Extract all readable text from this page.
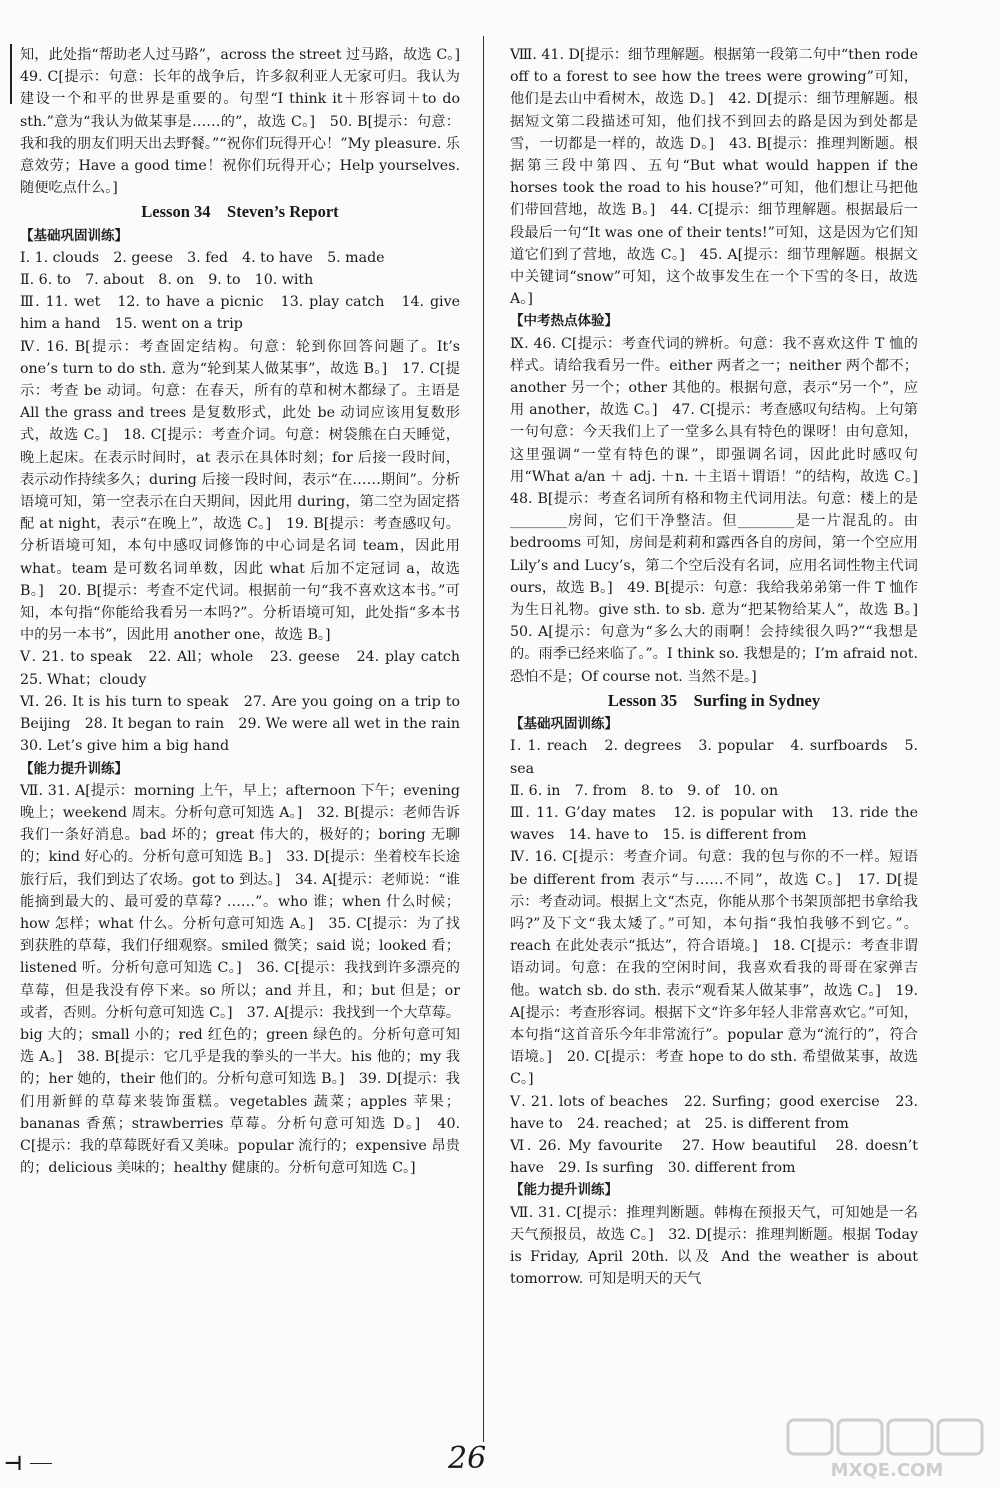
知，此处指“帮助老人过马路”，across the street 过马路，故选 C。]　49. C[提示：句意：长年的战争后，许多叙利亚人无家可归。我认为建设一个和平的世界是重要的。句型“I think it＋形容词＋to do sth.”意为“我认为做某事是……的”，故选 C。]　50. B[提示：句意：我和我的朋友们明天出去野餐。”“祝你们玩得开心！”My pleasure. 乐意效劳；Have a good time！祝你们玩得开心；Help yourselves. 随便吃点什么。]
Lesson 34　Steven’s Report
【基础巩固训练】
Ⅰ. 1. clouds　2. geese　3. fed　4. to have　5. made
Ⅱ. 6. to　7. about　8. on　9. to　10. with
Ⅲ. 11. wet　12. to have a picnic　13. play catch　14. give him a hand　15. went on a trip
Ⅳ. 16. B[提示：考查固定结构。句意：轮到你回答问题了。It’s one’s turn to do sth. 意为“轮到某人做某事”，故选 B。]　17. C[提示：考查 be 动词。句意：在春天，所有的草和树木都绿了。主语是 All the grass and trees 是复数形式，此处 be 动词应该用复数形式，故选 C。]　18. C[提示：考查介词。句意：树袋熊在白天睡觉，晚上起床。在表示时间时，at 表示在具体时刻；for 后接一段时间，表示动作持续多久；during 后接一段时间，表示“在……期间”。分析语境可知，第一空表示在白天期间，因此用 during，第二空为固定搭配 at night，表示“在晚上”，故选 C。]　19. B[提示：考查感叹句。分析语境可知，本句中感叹词修饰的中心词是名词 team，因此用 what。team 是可数名词单数，因此 what 后加不定冠词 a，故选 B。]　20. B[提示：考查不定代词。根据前一句“我不喜欢这本书。”可知，本句指“你能给我看另一本吗?”。分析语境可知，此处指“多本书中的另一本书”，因此用 another one，故选 B。]
Ⅴ. 21. to speak　22. All；whole　23. geese　24. play catch　25. What；cloudy
Ⅵ. 26. It is his turn to speak　27. Are you going on a trip to Beijing　28. It began to rain　29. We were all wet in the rain　30. Let’s give him a big hand
【能力提升训练】
Ⅶ. 31. A[提示：morning 上午，早上；afternoon 下午；evening 晚上；weekend 周末。分析句意可知选 A。]　32. B[提示：老师告诉我们一条好消息。bad 坏的；great 伟大的，极好的；boring 无聊的；kind 好心的。分析句意可知选 B。]　33. D[提示：坐着校车长途旅行后，我们到达了农场。got to 到达。]　34. A[提示：老师说：“谁能摘到最大的、最可爱的草莓? ……”。who 谁；when 什么时候；how 怎样；what 什么。分析句意可知选 A。]　35. C[提示：为了找到获胜的草莓，我们仔细观察。smiled 微笑；said 说；looked 看；listened 听。分析句意可知选 C。]　36. C[提示：我找到许多漂亮的草莓，但是我没有停下来。so 所以；and 并且，和；but 但是；or 或者，否则。分析句意可知选 C。]　37. A[提示：我找到一个大草莓。big 大的；small 小的；red 红色的；green 绿色的。分析句意可知选 A。]　38. B[提示：它几乎是我的拳头的一半大。his 他的；my 我的；her 她的，their 他们的。分析句意可知选 B。]　39. D[提示：我们用新鲜的草莓来装饰蛋糕。vegetables 蔬菜；apples 苹果；bananas 香蕉；strawberries 草莓。分析句意可知选 D。]　40. C[提示：我的草莓既好看又美味。popular 流行的；expensive 昂贵的；delicious 美味的；healthy 健康的。分析句意可知选 C。]
Ⅷ. 41. D[提示：细节理解题。根据第一段第二句中“then rode off to a forest to see how the trees were growing”可知，他们是去山中看树木，故选 D。]　42. D[提示：细节理解题。根据短文第二段描述可知，他们找不到回去的路是因为到处都是雪，一切都是一样的，故选 D。]　43. B[提示：推理判断题。根据第三段中第四、五句“But what would happen if the horses took the road to his house?”可知，他们想让马把他们带回营地，故选 B。]　44. C[提示：细节理解题。根据最后一段最后一句“It was one of their tents!”可知，这是因为它们知道它们到了营地，故选 C。]　45. A[提示：细节理解题。根据文中关键词“snow”可知，这个故事发生在一个下雪的冬日，故选 A。]
【中考热点体验】
Ⅸ. 46. C[提示：考查代词的辨析。句意：我不喜欢这件 T 恤的样式。请给我看另一件。either 两者之一；neither 两个都不；another 另一个；other 其他的。根据句意，表示“另一个”，应用 another，故选 C。]　47. C[提示：考查感叹句结构。上句第一句句意：今天我们上了一堂多么具有特色的课呀！由句意知，这里强调“一堂有特色的课”，即强调名词，因此此时感叹句用“What a/an ＋ adj. ＋n. ＋主语＋谓语！”的结构，故选 C。]　48. B[提示：考查名词所有格和物主代词用法。句意：楼上的是________房间，它们干净整洁。但________是一片混乱的。由 bedrooms 可知，房间是莉莉和露西各自的房间，第一个空应用 Lily’s and Lucy’s，第二个空后没有名词，应用名词性物主代词 ours，故选 B。]　49. B[提示：句意：我给我弟弟第一件 T 恤作为生日礼物。give sth. to sb. 意为“把某物给某人”，故选 B。]　50. A[提示：句意为“多么大的雨啊！会持续很久吗?”“我想是的。雨季已经来临了。”。I think so. 我想是的；I’m afraid not. 恐怕不是；Of course not. 当然不是。]
Lesson 35　Surfing in Sydney
【基础巩固训练】
Ⅰ. 1. reach　2. degrees　3. popular　4. surfboards　5. sea
Ⅱ. 6. in　7. from　8. to　9. of　10. on
Ⅲ. 11. G’day mates　12. is popular with　13. ride the waves　14. have to　15. is different from
Ⅳ. 16. C[提示：考查介词。句意：我的包与你的不一样。短语 be different from 表示“与……不同”，故选 C。]　17. D[提示：考查动词。根据上文“杰克，你能从那个书架顶部把书拿给我吗?”及下文“我太矮了。”可知，本句指“我怕我够不到它。”。reach 在此处表示“抵达”，符合语境。]　18. C[提示：考查非谓语动词。句意：在我的空闲时间，我喜欢看我的哥哥在家弹吉他。watch sb. do sth. 表示“观看某人做某事”，故选 C。]　19. A[提示：考查形容词。根据下文“许多年轻人非常喜欢它。”可知，本句指“这首音乐今年非常流行”。popular 意为“流行的”，符合语境。]　20. C[提示：考查 hope to do sth. 希望做某事，故选 C。]
Ⅴ. 21. lots of beaches　22. Surfing；good exercise　23. have to　24. reached；at　25. is different from
Ⅵ. 26. My favourite　27. How beautiful　28. doesn’t have　29. Is surfing　30. different from
【能力提升训练】
Ⅶ. 31. C[提示：推理判断题。韩梅在预报天气，可知她是一名天气预报员，故选 C。]　32. D[提示：推理判断题。根据 Today is Friday, April 20th. 以及 And the weather is about tomorrow. 可知是明天的天气
⊣	26	MXQE.COM
